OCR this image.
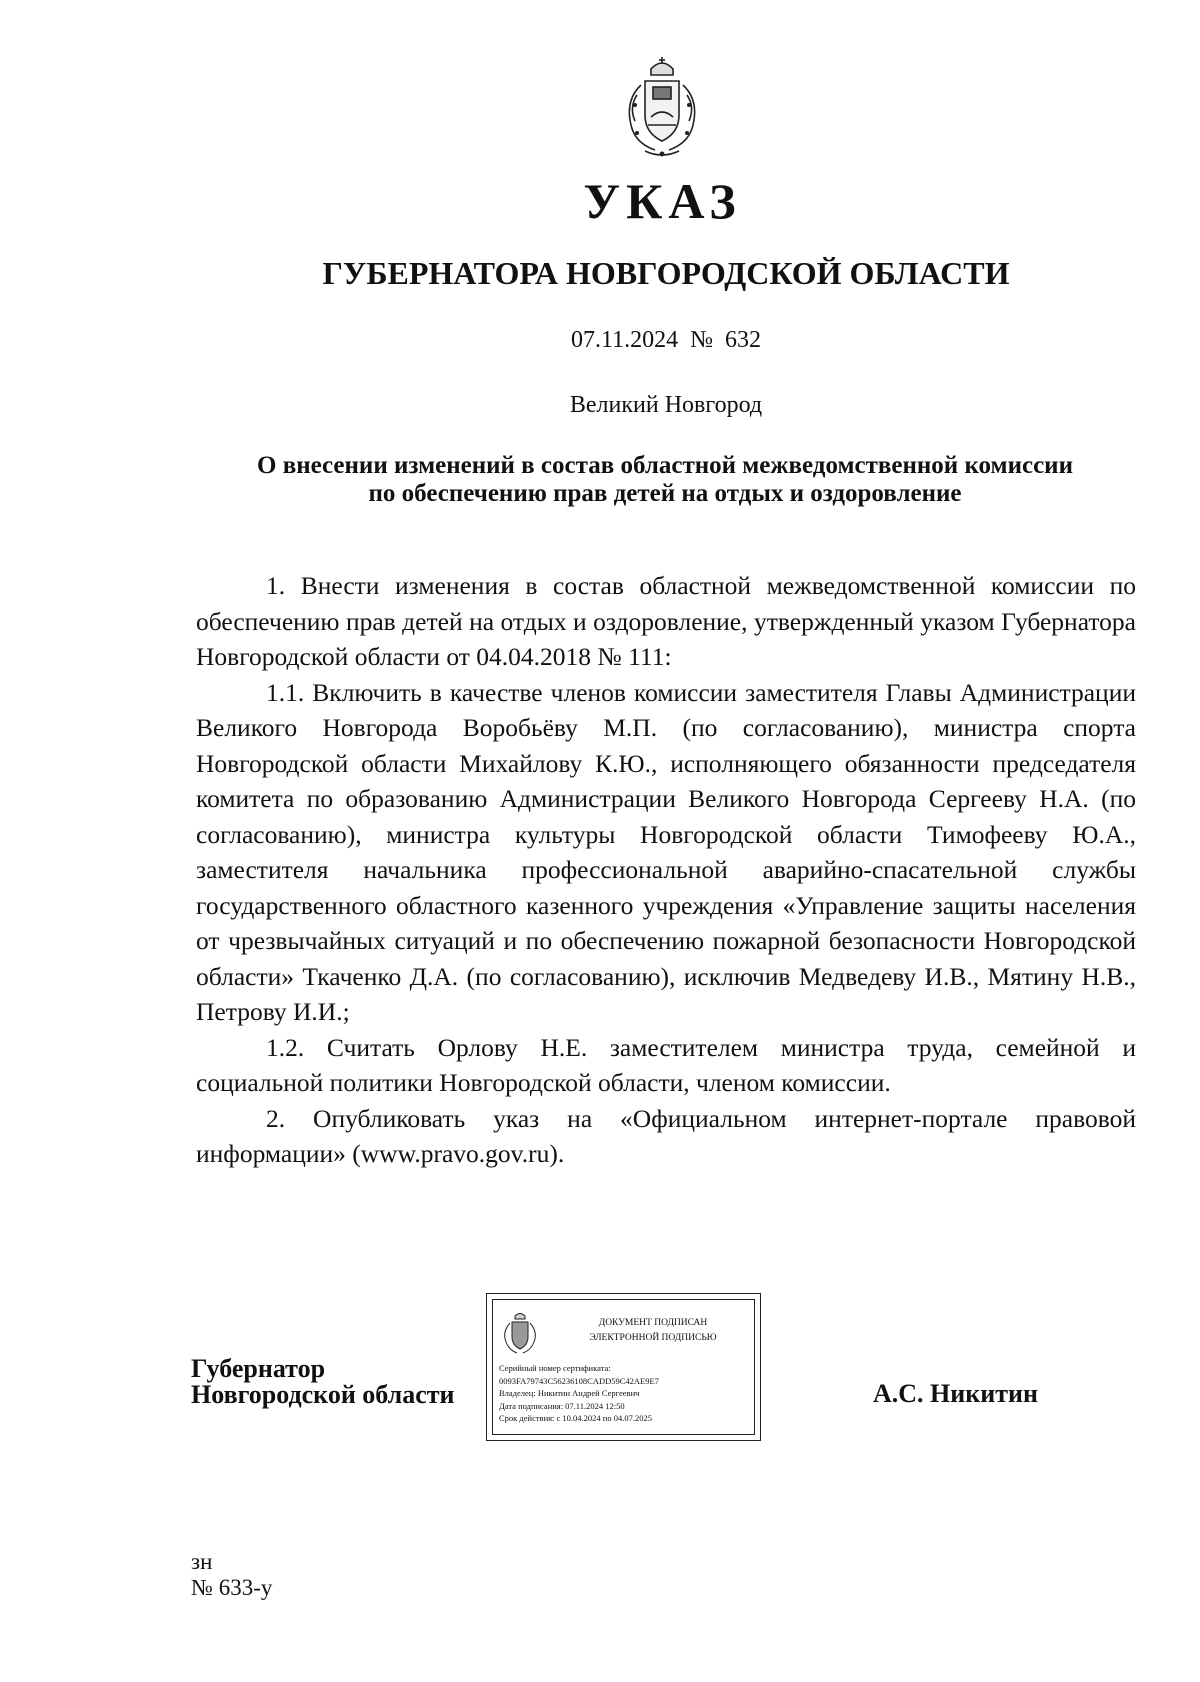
УКАЗ
ГУБЕРНАТОРА НОВГОРОДСКОЙ ОБЛАСТИ
07.11.2024 № 632
Великий Новгород
О внесении изменений в состав областной межведомственной комиссии
по обеспечению прав детей на отдых и оздоровление

1. Внести изменения в состав областной межведомственной комиссии по обеспечению прав детей на отдых и оздоровление, утвержденный указом Губернатора Новгородской области от 04.04.2018 № 111:

1.1. Включить в качестве членов комиссии заместителя Главы Администрации Великого Новгорода Воробьёву М.П. (по согласованию), министра спорта Новгородской области Михайлову К.Ю., исполняющего обязанности председателя комитета по образованию Администрации Великого Новгорода Сергееву Н.А. (по согласованию), министра культуры Новгородской области Тимофееву Ю.А., заместителя начальника профессиональной аварийно-спасательной службы государственного областного казенного учреждения «Управление защиты населения от чрезвычайных ситуаций и по обеспечению пожарной безопасности Новгородской области» Ткаченко Д.А. (по согласованию), исключив Медведеву И.В., Мятину Н.В., Петрову И.И.;

1.2. Считать Орлову Н.Е. заместителем министра труда, семейной и социальной политики Новгородской области, членом комиссии.

2. Опубликовать указ на «Официальном интернет-портале правовой информации» (www.pravo.gov.ru).

Губернатор
Новгородской области
ДОКУМЕНТ ПОДПИСАН
ЭЛЕКТРОННОЙ ПОДПИСЬЮ
Серийный номер сертификата:
0093FA79743C56236108CADD59C42AE9E7
Владелец: Никитин Андрей Сергеевич
Дата подписания: 07.11.2024 12:50
Срок действия: с 10.04.2024 по 04.07.2025
А.С. Никитин
зн
№ 633-у
